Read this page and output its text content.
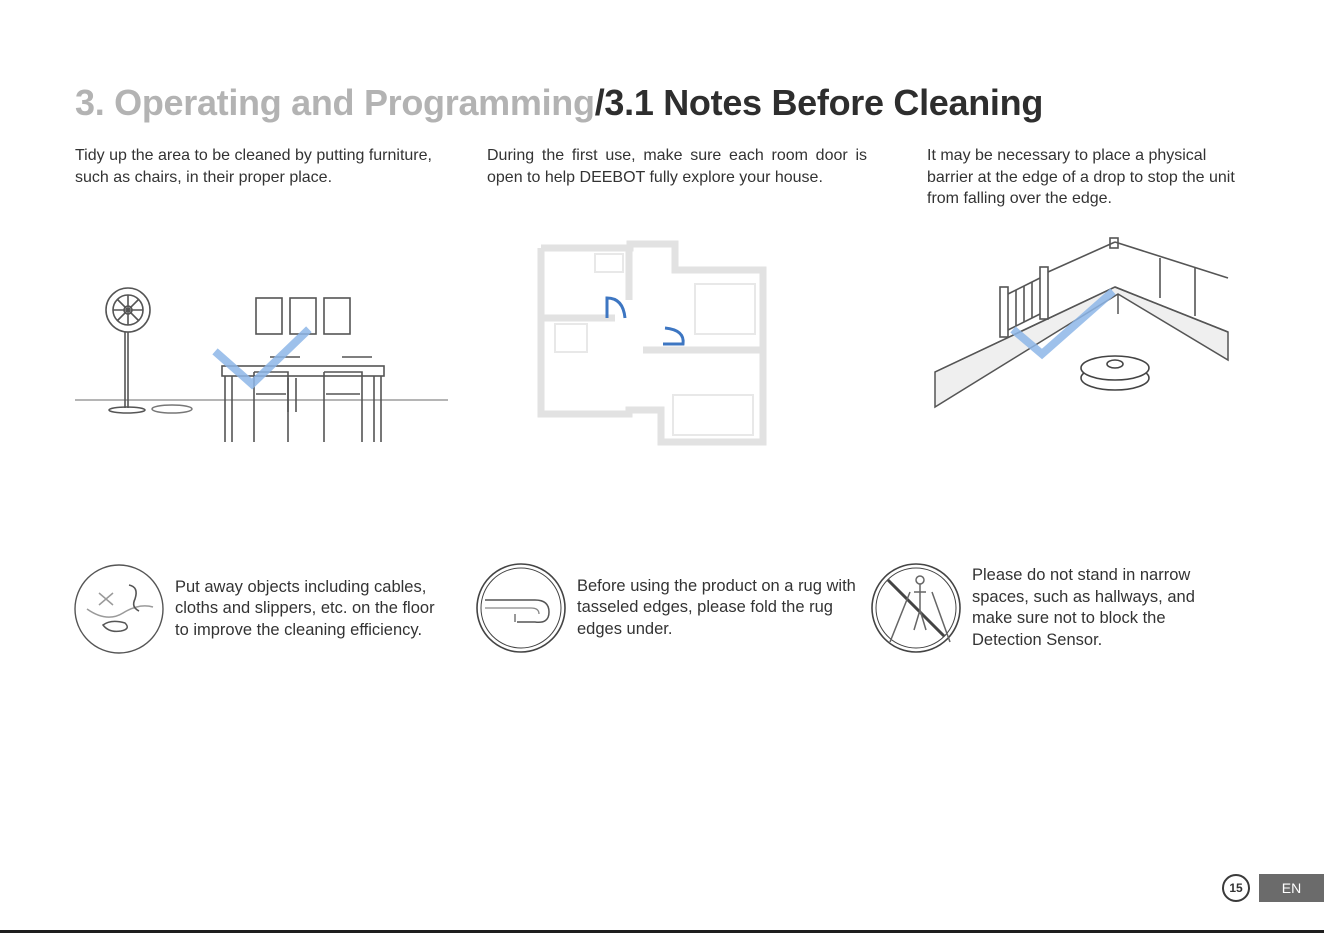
3. Operating and Programming/3.1 Notes Before Cleaning

Tidy up the area to be cleaned by putting furniture, such as chairs, in their proper place.

During the first use, make sure each room door is open to help DEEBOT fully explore your house.

It may be necessary to place a physical barrier at the edge of a drop to stop the unit from falling over the edge.

Put away objects including cables, cloths and slippers, etc. on the floor to improve the cleaning efficiency.

Before using the product on a rug with tasseled edges, please fold the rug edges under.

Please do not stand in narrow spaces, such as hallways, and make sure not to block the Detection Sensor.

15	EN
